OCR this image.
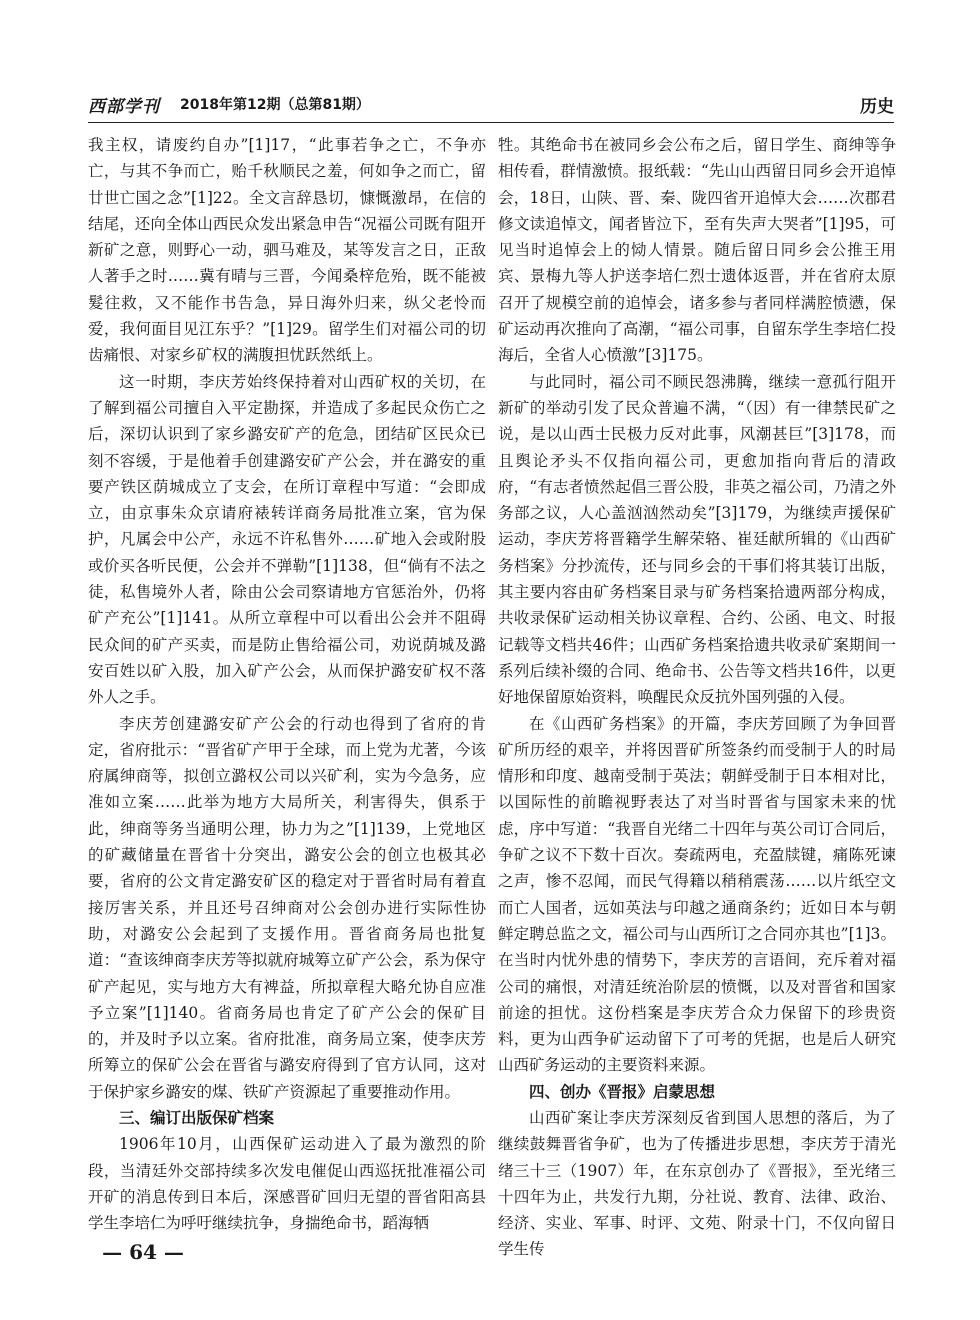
西部学刊 2018年第12期（总第81期）	历史

我主权，请废约自办”[1]17，“此事若争之亡，不争亦亡，与其不争而亡，贻千秋顺民之羞，何如争之而亡，留廿世亡国之念”[1]22。全文言辞恳切，慷慨激昂，在信的结尾，还向全体山西民众发出紧急申告“况福公司既有阻开新矿之意，则野心一动，驷马难及，某等发言之日，正敌人著手之时……冀有晴与三晋，今闻桑梓危殆，既不能被髮往救，又不能作书告急，异日海外归来，纵父老怜而爱，我何面目见江东乎？”[1]29。留学生们对福公司的切齿痛恨、对家乡矿权的满腹担忧跃然纸上。

这一时期，李庆芳始终保持着对山西矿权的关切，在了解到福公司擅自入平定勘探，并造成了多起民众伤亡之后，深切认识到了家乡潞安矿产的危急，团结矿区民众已刻不容缓，于是他着手创建潞安矿产公会，并在潞安的重要产铁区荫城成立了支会，在所订章程中写道：“会即成立，由京事朱众京请府裱转详商务局批准立案，官为保护，凡属会中公产，永远不许私售外……矿地入会或附股或价买各听民便，公会并不弹勒”[1]138，但“倘有不法之徒，私售境外人者，除由公会司察请地方官惩治外，仍将矿产充公”[1]141。从所立章程中可以看出公会并不阻碍民众间的矿产买卖，而是防止售给福公司，劝说荫城及潞安百姓以矿入股，加入矿产公会，从而保护潞安矿权不落外人之手。

李庆芳创建潞安矿产公会的行动也得到了省府的肯定，省府批示：“晋省矿产甲于全球，而上党为尤著，今该府属绅商等，拟创立潞权公司以兴矿利，实为今急务，应准如立案……此举为地方大局所关，利害得失，俱系于此，绅商等务当通明公理，协力为之”[1]139，上党地区的矿藏储量在晋省十分突出，潞安公会的创立也极其必要，省府的公文肯定潞安矿区的稳定对于晋省时局有着直接厉害关系，并且还号召绅商对公会创办进行实际性协助，对潞安公会起到了支援作用。晋省商务局也批复道：“查该绅商李庆芳等拟就府城筹立矿产公会，系为保守矿产起见，实与地方大有裨益，所拟章程大略允协自应准予立案”[1]140。省商务局也肯定了矿产公会的保矿目的，并及时予以立案。省府批准，商务局立案，使李庆芳所筹立的保矿公会在晋省与潞安府得到了官方认同，这对于保护家乡潞安的煤、铁矿产资源起了重要推动作用。

三、编订出版保矿档案

1906年10月，山西保矿运动进入了最为激烈的阶段，当清廷外交部持续多次发电催促山西巡抚批准福公司开矿的消息传到日本后，深感晋矿回归无望的晋省阳高县学生李培仁为呼吁继续抗争，身揣绝命书，蹈海牺

牲。其绝命书在被同乡会公布之后，留日学生、商绅等争相传看，群情激愤。报纸载：“先山山西留日同乡会开追悼会，18日，山陕、晋、秦、陇四省开追悼大会……次郡君修文读追悼文，闻者皆泣下，至有失声大哭者”[1]95，可见当时追悼会上的恸人情景。随后留日同乡会公推王用宾、景梅九等人护送李培仁烈士遗体返晋，并在省府太原召开了规模空前的追悼会，诸多参与者同样满腔愤懑，保矿运动再次推向了高潮，“福公司事，自留东学生李培仁投海后，全省人心愤激”[3]175。

与此同时，福公司不顾民怨沸腾，继续一意孤行阻开新矿的举动引发了民众普遍不满，“（因）有一律禁民矿之说，是以山西士民极力反对此事，风潮甚巨”[3]178，而且舆论矛头不仅指向福公司，更愈加指向背后的清政府，“有志者愤然起倡三晋公股，非英之福公司，乃清之外务部之议，人心盖汹汹然动矣”[3]179，为继续声援保矿运动，李庆芳将晋籍学生解荣辂、崔廷献所辑的《山西矿务档案》分抄流传，还与同乡会的干事们将其装订出版，其主要内容由矿务档案目录与矿务档案拾遗两部分构成，共收录保矿运动相关协议章程、合约、公函、电文、时报记载等文档共46件；山西矿务档案拾遗共收录矿案期间一系列后续补缀的合同、绝命书、公告等文档共16件，以更好地保留原始资料，唤醒民众反抗外国列强的入侵。

在《山西矿务档案》的开篇，李庆芳回顾了为争回晋矿所历经的艰辛，并将因晋矿所签条约而受制于人的时局情形和印度、越南受制于英法；朝鲜受制于日本相对比，以国际性的前瞻视野表达了对当时晋省与国家未来的忧虑，序中写道：“我晋自光绪二十四年与英公司订合同后，争矿之议不下数十百次。奏疏两电，充盈牍键，痛陈死谏之声，惨不忍闻，而民气得籍以稍稍震荡……以片纸空文而亡人国者，远如英法与印越之通商条约；近如日本与朝鲜定聘总监之文，福公司与山西所订之合同亦其也”[1]3。在当时内忧外患的情势下，李庆芳的言语间，充斥着对福公司的痛恨，对清廷统治阶层的愤慨，以及对晋省和国家前途的担忧。这份档案是李庆芳合众力保留下的珍贵资料，更为山西争矿运动留下了可考的凭据，也是后人研究山西矿务运动的主要资料来源。

四、创办《晋报》启蒙思想

山西矿案让李庆芳深刻反省到国人思想的落后，为了继续鼓舞晋省争矿，也为了传播进步思想，李庆芳于清光绪三十三（1907）年，在东京创办了《晋报》，至光绪三十四年为止，共发行九期，分社说、教育、法律、政治、经济、实业、军事、时评、文苑、附录十门，不仅向留日学生传

— 64 —
